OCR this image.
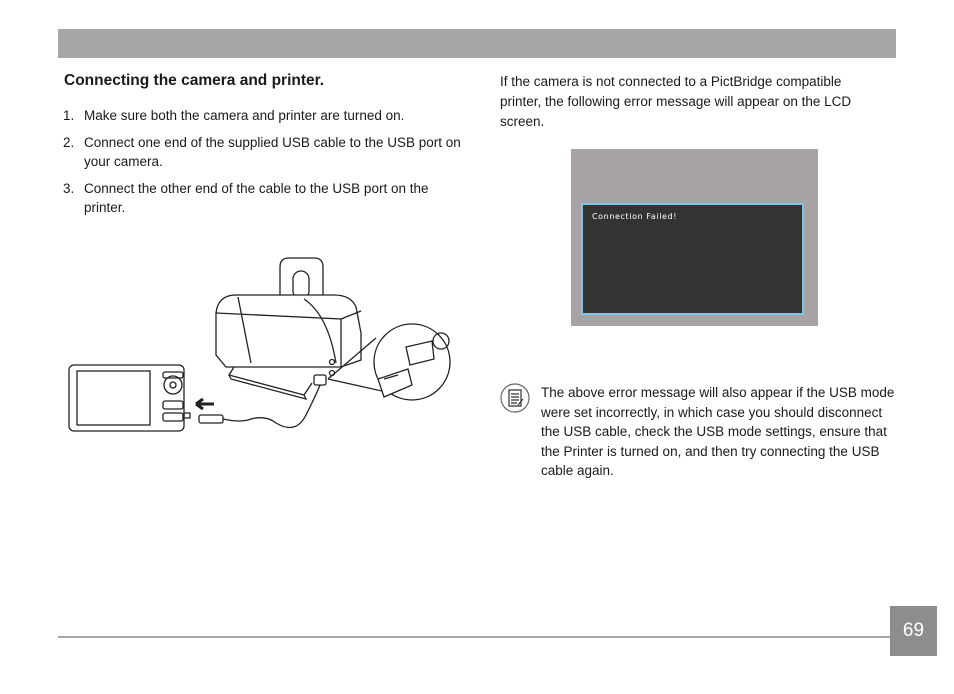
Connecting the camera and printer.
1. Make sure both the camera and printer are turned on.
2. Connect one end of the supplied USB cable to the USB port on your camera.
3. Connect the other end of the cable to the USB port on the printer.

If the camera is not connected to a PictBridge compatible printer, the following error message will appear on the LCD screen.

Connection Failed!

The above error message will also appear if the USB mode were set incorrectly, in which case you should disconnect the USB cable, check the USB mode settings, ensure that the Printer is turned on, and then try connecting the USB cable again.

69
